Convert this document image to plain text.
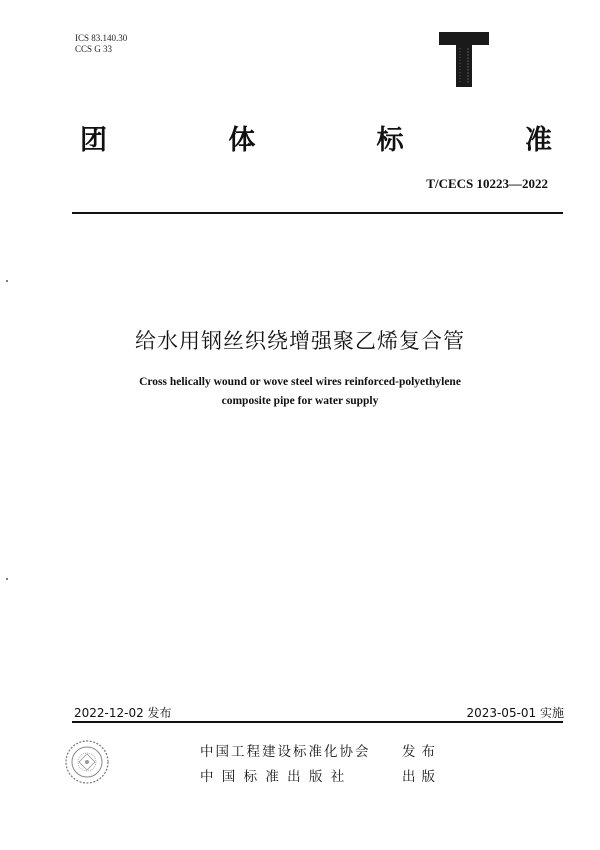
ICS 83.140.30
CCS G 33
团	体	标	准
T/CECS 10223—2022
给水用钢丝织绕增强聚乙烯复合管
Cross helically wound or wove steel wires reinforced-polyethylene
composite pipe for water supply
2022-12-02 发布	2023-05-01 实施
中国工程建设标准化协会 发布
中 国 标 准 出 版 社	出版
